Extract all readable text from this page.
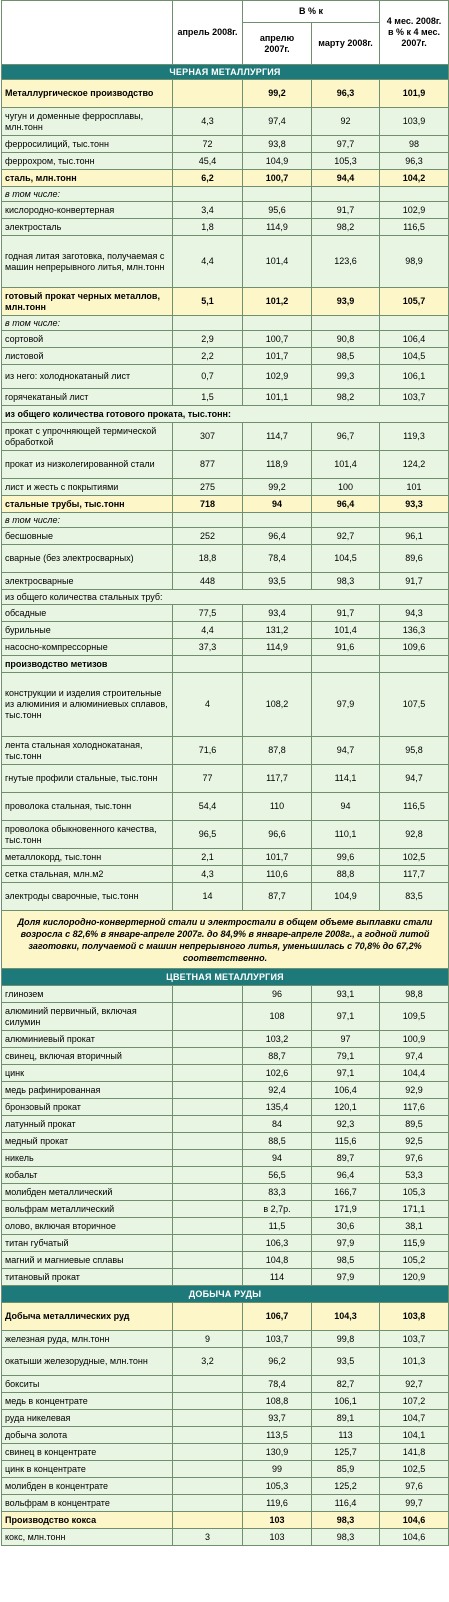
	апрель 2008г.	В % к		4 мес. 2008г. в % к 4 мес. 2007г.
		апрелю 2007г.	марту 2008г.	
ЧЕРНАЯ МЕТАЛЛУРГИЯ				
Металлургическое производство		99,2	96,3	101,9
чугун и доменные ферросплавы, млн.тонн	4,3	97,4	92	103,9
ферросилиций, тыс.тонн	72	93,8	97,7	98
феррохром, тыс.тонн	45,4	104,9	105,3	96,3
сталь, млн.тонн	6,2	100,7	94,4	104,2
в том числе:				
кислородно-конвертерная	3,4	95,6	91,7	102,9
электросталь	1,8	114,9	98,2	116,5
годная литая заготовка, получаемая с машин непрерывного литья, млн.тонн	4,4	101,4	123,6	98,9
готовый прокат черных металлов, млн.тонн	5,1	101,2	93,9	105,7
в том числе:				
сортовой	2,9	100,7	90,8	106,4
листовой	2,2	101,7	98,5	104,5
из него: холоднокатаный лист	0,7	102,9	99,3	106,1
горячекатаный лист	1,5	101,1	98,2	103,7
из общего количества готового проката, тыс.тонн:				
прокат с упрочняющей термической обработкой	307	114,7	96,7	119,3
прокат из низколегированной стали	877	118,9	101,4	124,2
лист и жесть с покрытиями	275	99,2	100	101
стальные трубы, тыс.тонн	718	94	96,4	93,3
в том числе:				
бесшовные	252	96,4	92,7	96,1
сварные (без электросварных)	18,8	78,4	104,5	89,6
электросварные	448	93,5	98,3	91,7
из общего количества стальных труб:				
обсадные	77,5	93,4	91,7	94,3
бурильные	4,4	131,2	101,4	136,3
насосно-компрессорные	37,3	114,9	91,6	109,6
производство метизов				
конструкции и изделия строительные из алюминия и алюминиевых сплавов, тыс.тонн	4	108,2	97,9	107,5
лента стальная холоднокатаная, тыс.тонн	71,6	87,8	94,7	95,8
гнутые профили стальные, тыс.тонн	77	117,7	114,1	94,7
проволока стальная, тыс.тонн	54,4	110	94	116,5
проволока обыкновенного качества, тыс.тонн	96,5	96,6	110,1	92,8
металлокорд, тыс.тонн	2,1	101,7	99,6	102,5
сетка стальная, млн.м2	4,3	110,6	88,8	117,7
электроды сварочные, тыс.тонн	14	87,7	104,9	83,5
Доля кислородно-конвертерной стали и электростали в общем объеме выплавки стали возросла с 82,6% в январе-апреле 2007г. до 84,9% в январе-апреле 2008г., а годной литой заготовки, получаемой с машин непрерывного литья, уменьшилась с 70,8% до 67,2% соответственно.				
ЦВЕТНАЯ МЕТАЛЛУРГИЯ				
глинозем		96	93,1	98,8
алюминий первичный, включая силумин		108	97,1	109,5
алюминиевый прокат		103,2	97	100,9
свинец, включая вторичный		88,7	79,1	97,4
цинк		102,6	97,1	104,4
медь рафинированная		92,4	106,4	92,9
бронзовый прокат		135,4	120,1	117,6
латунный прокат		84	92,3	89,5
медный прокат		88,5	115,6	92,5
никель		94	89,7	97,6
кобальт		56,5	96,4	53,3
молибден металлический		83,3	166,7	105,3
вольфрам металлический		в 2,7р.	171,9	171,1
олово, включая вторичное		11,5	30,6	38,1
титан губчатый		106,3	97,9	115,9
магний и магниевые сплавы		104,8	98,5	105,2
титановый прокат		114	97,9	120,9
ДОБЫЧА РУДЫ				
Добыча металлических руд		106,7	104,3	103,8
железная руда, млн.тонн	9	103,7	99,8	103,7
окатыши железорудные, млн.тонн	3,2	96,2	93,5	101,3
бокситы		78,4	82,7	92,7
медь в концентрате		108,8	106,1	107,2
руда никелевая		93,7	89,1	104,7
добыча золота		113,5	113	104,1
свинец в концентрате		130,9	125,7	141,8
цинк в концентрате		99	85,9	102,5
молибден в концентрате		105,3	125,2	97,6
вольфрам в концентрате		119,6	116,4	99,7
Производство кокса		103	98,3	104,6
кокс, млн.тонн	3	103	98,3	104,6
